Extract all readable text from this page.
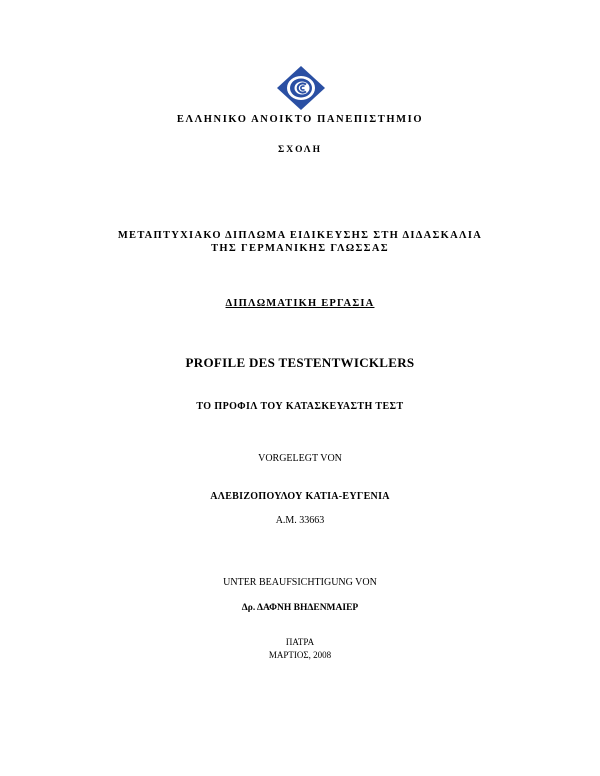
ΕΛΛΗΝΙΚΟ ΑΝΟΙΚΤΟ ΠΑΝΕΠΙΣΤΗΜΙΟ
ΣΧΟΛΗ
ΜΕΤΑΠΤΥΧΙΑΚΟ ΔΙΠΛΩΜΑ ΕΙΔΙΚΕΥΣΗΣ ΣΤΗ ΔΙΔΑΣΚΑΛΙΑ
ΤΗΣ ΓΕΡΜΑΝΙΚΗΣ ΓΛΩΣΣΑΣ
ΔΙΠΛΩΜΑΤΙΚΗ ΕΡΓΑΣΙΑ
PROFILE DES TESTENTWICKLERS
ΤΟ ΠΡΟΦΙΛ ΤΟΥ ΚΑΤΑΣΚΕΥΑΣΤΗ ΤΕΣΤ
VORGELEGT VON
ΑΛΕΒΙΖΟΠΟΥΛΟΥ ΚΑΤΙΑ-ΕΥΓΕΝΙΑ
A.M. 33663
UNTER BEAUFSICHTIGUNG VON
Δρ. ΔΑΦΝΗ ΒΗΔΕΝΜΑΙΕΡ
ΠΑΤΡΑ
ΜΑΡΤΙΟΣ, 2008
